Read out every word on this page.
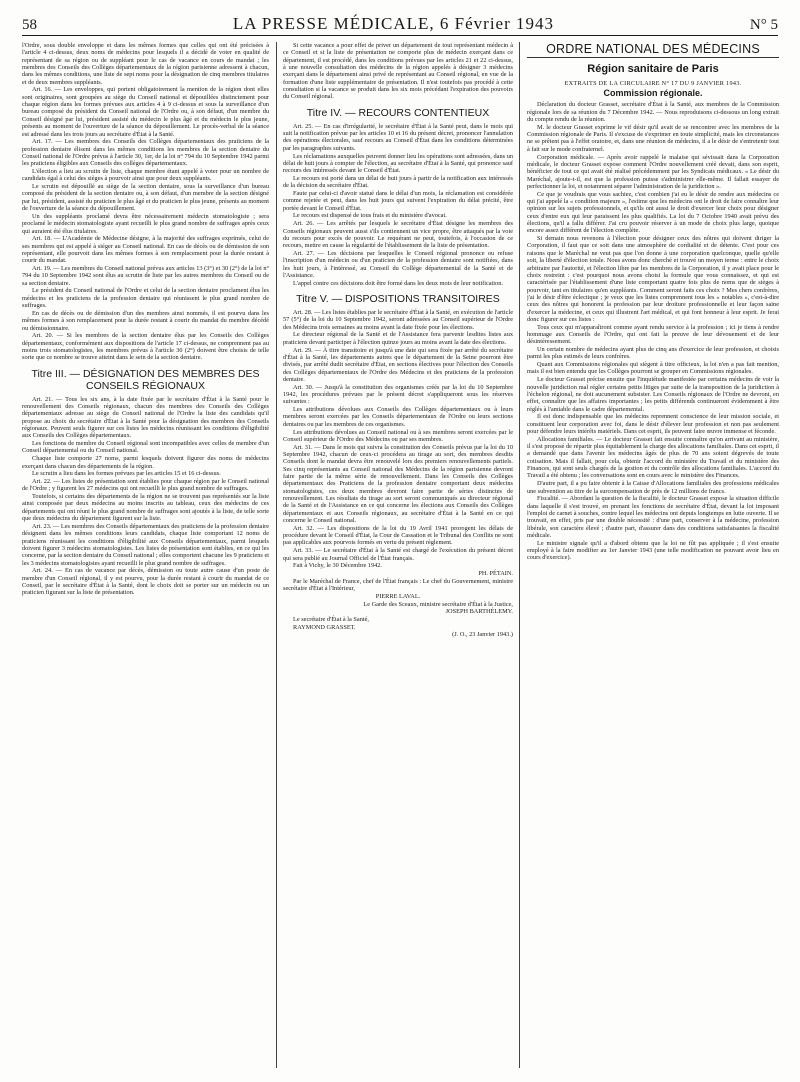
58	LA PRESSE MÉDICALE, 6 Février 1943	N° 5

l'Ordre, sous double enveloppe et dans les mêmes formes que celles qui ont été précisées à l'article 4 ci-dessus, deux noms de médecins pour lesquels il a décidé de voter en qualité de représentant de sa région ou de suppléant pour le cas de vacance en cours de mandat ; les membres des Conseils des Collèges départementaux de la région parisienne adressent à chacun, dans les mêmes conditions, une liste de sept noms pour la désignation de cinq membres titulaires et de deux membres suppléants.

Art. 16. — Les enveloppes, qui portent obligatoirement la mention de la région dont elles sont originaires, sont groupées au siège du Conseil national et dépouillées distinctement pour chaque région dans les formes prévues aux articles 4 à 9 ci-dessus et sous la surveillance d'un bureau composé du président du Conseil national de l'Ordre ou, à son défaut, d'un membre du Conseil désigné par lui, président assisté du médecin le plus âgé et du médecin le plus jeune, présents au moment de l'ouverture de la séance du dépouillement. Le procès-verbal de la séance est adressé dans les trois jours au secrétaire d'État à la Santé.

Art. 17. — Les membres des Conseils des Collèges départementaux des praticiens de la profession dentaire élisent dans les mêmes conditions les membres de la section dentaire du Conseil national de l'Ordre prévus à l'article 30, 1er, de la loi n° 794 du 10 Septembre 1942 parmi les praticiens éligibles aux Conseils des collèges départementaux.

L'élection a lieu au scrutin de liste, chaque membre étant appelé à voter pour un nombre de candidats égal à celui des sièges à pourvoir ainsi que pour deux suppléants.

Le scrutin est dépouillé au siège de la section dentaire, sous la surveillance d'un bureau composé du président de la section dentaire ou, à son défaut, d'un membre de la section désigné par lui, président, assisté du praticien le plus âgé et du praticien le plus jeune, présents au moment de l'ouverture de la séance du dépouillement.

Un des suppléants proclamé devra être nécessairement médecin stomatologiste ; sera proclamé le médecin stomatologiste ayant recueilli le plus grand nombre de suffrages après ceux qui auraient été élus titulaires.

Art. 18. — L'Académie de Médecine désigne, à la majorité des suffrages exprimés, celui de ses membres qui est appelé à siéger au Conseil national. En cas de décès ou de démission de son représentant, elle pourvoit dans les mêmes formes à son remplacement pour la durée restant à courir du mandat.

Art. 19. — Les membres du Conseil national prévus aux articles 13 (3°) et 30 (2°) de la loi n° 794 du 10 Septembre 1942 sont élus au scrutin de liste par les autres membres du Conseil ou de sa section dentaire.

Le président du Conseil national de l'Ordre et celui de la section dentaire proclament élus les médecins et les praticiens de la profession dentaire qui réunissent le plus grand nombre de suffrages.

En cas de décès ou de démission d'un des membres ainsi nommés, il est pourvu dans les mêmes formes à son remplacement pour la durée restant à courir du mandat du membre décédé ou démissionnaire.

Art. 20. — Si les membres de la section dentaire élus par les Conseils des Collèges départementaux, conformément aux dispositions de l'article 17 ci-dessus, ne comprennent pas au moins trois stomatologistes, les membres prévus à l'article 30 (2°) doivent être choisis de telle sorte que ce nombre se trouve atteint dans le sein de la section dentaire.

Titre III. — DÉSIGNATION DES MEMBRES DES CONSEILS RÉGIONAUX

Art. 21. — Tous les six ans, à la date fixée par le secrétaire d'État à la Santé pour le renouvellement des Conseils régionaux, chacun des membres des Conseils des Collèges départementaux adresse au siège du Conseil national de l'Ordre la liste des candidats qu'il propose au choix du secrétaire d'État à la Santé pour la désignation des membres des Conseils régionaux. Peuvent seuls figurer sur ces listes les médecins réunissant les conditions d'éligibilité aux Conseils des Collèges départementaux.

Les fonctions de membre du Conseil régional sont incompatibles avec celles de membre d'un Conseil départemental ou du Conseil national.

Chaque liste comporte 27 noms, parmi lesquels doivent figurer des noms de médecins exerçant dans chacun des départements de la région.

Le scrutin a lieu dans les formes prévues par les articles 15 et 16 ci-dessus.

Art. 22. — Les listes de présentation sont établies pour chaque région par le Conseil national de l'Ordre ; y figurent les 27 médecins qui ont recueilli le plus grand nombre de suffrages.

Toutefois, si certains des départements de la région ne se trouvent pas représentés sur la liste ainsi composée par deux médecins au moins inscrits au tableau, ceux des médecins de ces départements qui ont réuni le plus grand nombre de suffrages sont ajoutés à la liste, de telle sorte que deux médecins du département figurent sur la liste.

Art. 23. — Les membres des Conseils départementaux des praticiens de la profession dentaire désignent dans les mêmes conditions leurs candidats, chaque liste comportant 12 noms de praticiens réunissant les conditions d'éligibilité aux Conseils départementaux, parmi lesquels doivent figurer 3 médecins stomatologistes. Les listes de présentation sont établies, en ce qui les concerne, par la section dentaire du Conseil national ; elles comportent chacune les 9 praticiens et les 3 médecins stomatologistes ayant recueilli le plus grand nombre de suffrages.

Art. 24. — En cas de vacance par décès, démission ou toute autre cause d'un poste de membre d'un Conseil régional, il y est pourvu, pour la durée restant à courir du mandat de ce Conseil, par le secrétaire d'État à la Santé, dont le choix doit se porter sur un médecin ou un praticien figurant sur la liste de présentation.

Si cette vacance a pour effet de priver un département de tout représentant médecin à ce Conseil et si la liste de présentation ne comporte plus de médecin exerçant dans ce département, il est procédé, dans les conditions prévues par les articles 21 et 22 ci-dessus, à une nouvelle consultation des médecins de la région appelés à désigner 3 médecins exerçant dans le département ainsi privé de représentant au Conseil régional, en vue de la formation d'une liste supplémentaire de présentation. Il n'est toutefois pas procédé à cette consultation si la vacance se produit dans les six mois précédant l'expiration des pouvoirs du Conseil régional.

Titre IV. — RECOURS CONTENTIEUX

Art. 25. — En cas d'irrégularité, le secrétaire d'État à la Santé peut, dans le mois qui suit la notification prévue par les articles 10 et 16 du présent décret, prononcer l'annulation des opérations électorales, sauf recours au Conseil d'État dans les conditions déterminées par les paragraphes suivants.

Les réclamations auxquelles peuvent donner lieu les opérations sont adressées, dans un délai de huit jours à compter de l'élection, au secrétaire d'État à la Santé, qui prononce sauf recours des intéressés devant le Conseil d'État.

Le recours est porté dans un délai de huit jours à partir de la notification aux intéressés de la décision du secrétaire d'État.

Faute par celui-ci d'avoir statué dans le délai d'un mois, la réclamation est considérée comme rejetée et peut, dans les huit jours qui suivent l'expiration du délai précité, être portée devant le Conseil d'État.

Le recours est dispensé de tous frais et du ministère d'avocat.

Art. 26. — Les arrêtés par lesquels le secrétaire d'État désigne les membres des Conseils régionaux peuvent aussi s'ils contiennent un vice propre, être attaqués par la voie du recours pour excès de pouvoir. Le requérant ne peut, toutefois, à l'occasion de ce recours, mettre en cause la régularité de l'établissement de la liste de présentation.

Art. 27. — Les décisions par lesquelles le Conseil régional prononce ou refuse l'inscription d'un médecin ou d'un praticien de la profession dentaire sont notifiées, dans les huit jours, à l'intéressé, au Conseil du Collège départemental de la Santé et de l'Assistance.

L'appel contre ces décisions doit être formé dans les deux mois de leur notification.

Titre V. — DISPOSITIONS TRANSITOIRES

Art. 28. — Les listes établies par le secrétaire d'État à la Santé, en exécution de l'article 57 (5°) de la loi du 10 Septembre 1942, seront adressées au Conseil supérieur de l'Ordre des Médecins trois semaines au moins avant la date fixée pour les élections.

Le directeur régional de la Santé et de l'Assistance fera parvenir lesdites listes aux praticiens devant participer à l'élection quinze jours au moins avant la date des élections.

Art. 29. — À titre transitoire et jusqu'à une date qui sera fixée par arrêté du secrétaire d'État à la Santé, les départements autres que le département de la Seine pourront être divisés, par arrêté dudit secrétaire d'État, en sections électives pour l'élection des Conseils des Collèges départementaux de l'Ordre des Médecins et des praticiens de la profession dentaire.

Art. 30. — Jusqu'à la constitution des organismes créés par la loi du 10 Septembre 1942, les procédures prévues par le présent décret s'appliqueront sous les réserves suivantes :

Les attributions dévolues aux Conseils des Collèges départementaux ou à leurs membres seront exercées par les Conseils départementaux de l'Ordre ou leurs sections dentaires ou par les membres de ces organismes.

Les attributions dévolues au Conseil national ou à ses membres seront exercées par le Conseil supérieur de l'Ordre des Médecins ou par ses membres.

Art. 31. — Dans le mois qui suivra la constitution des Conseils prévus par la loi du 10 Septembre 1942, chacun de ceux-ci procédera au tirage au sort, des membres desdits Conseils dont le mandat devra être renouvelé lors des premiers renouvellements partiels. Ses cinq représentants au Conseil national des Médecins de la région parisienne devront faire partie de la même série de renouvellement. Dans les Conseils des Collèges départementaux des Praticiens de la profession dentaire comportant deux médecins stomatologistes, ces deux membres devront faire partie de séries distinctes de renouvellement. Les résultats du tirage au sort seront communiqués au directeur régional de la Santé et de l'Assistance en ce qui concerne les élections aux Conseils des Collèges départementaux et aux Conseils régionaux, au secrétaire d'État à la Santé en ce qui concerne le Conseil national.

Art. 32. — Les dispositions de la loi du 19 Avril 1941 prorogent les délais de procédure devant le Conseil d'État, la Cour de Cassation et le Tribunal des Conflits ne sont pas applicables aux pourvois formés en vertu du présent règlement.

Art. 33. — Le secrétaire d'État à la Santé est chargé de l'exécution du présent décret qui sera publié au Journal Officiel de l'État français.

Fait à Vichy, le 30 Décembre 1942.

PH. PÉTAIN.

Par le Maréchal de France, chef de l'État français : Le chef du Gouvernement, ministre secrétaire d'État à l'Intérieur,

PIERRE LAVAL.

Le Garde des Sceaux, ministre secrétaire d'État à la Justice,

JOSEPH BARTHÉLEMY.

Le secrétaire d'État à la Santé,

RAYMOND GRASSET.

(J. O., 23 Janvier 1943.)

ORDRE NATIONAL DES MÉDECINS
Région sanitaire de Paris
EXTRAITS DE LA CIRCULAIRE N° 17 DU 9 JANVIER 1943.
Commission régionale.

Déclaration du docteur Grasset, secrétaire d'État à la Santé, aux membres de la Commission régionale lors de sa réunion du 7 Décembre 1942. — Nous reproduisons ci-dessous un long extrait du compte rendu de la réunion.

M. le docteur Grasset exprime le vif désir qu'il avait de se rencontrer avec les membres de la Commission régionale de Paris. Il s'excuse de s'exprimer en toute simplicité, mais les circonstances ne se prêtent pas à l'effet oratoire, et, dans une réunion de médecins, il a le désir de s'entretenir tout à fait sur le mode confraternel.

Corporation médicale. — Après avoir rappelé le malaise qui sévissait dans la Corporation médicale, le docteur Grasset expose comment l'Ordre nouvellement créé devait, dans son esprit, bénéficier de tout ce qui avait été réalisé précédemment par les Syndicats médicaux. « Le désir du Maréchal, ajoute-t-il, est que la profession puisse s'administrer elle-même. Il fallait essayer de perfectionner la loi, et notamment séparer l'administration de la juridiction ».

Ce que je voudrais que vous sachiez, c'est combien j'ai eu le désir de rendre aux médecins ce qui j'ai appelé la « condition majeure », l'estime que les médecins ont le droit de faire connaître leur opinion sur les sujets professionnels, et qu'ils ont aussi le droit d'exercer leur choix pour désigner ceux d'entre eux qui leur paraissent les plus qualifiés. La loi du 7 Octobre 1940 avait prévu des élections, qu'il a fallu différer. J'ai cru pouvoir réserver à un mode de choix plus large, quoique encore assez différent de l'élection complète.

Si demain nous revenons à l'élection pour désigner ceux des nôtres qui doivent diriger la Corporation, il faut que ce soit dans une atmosphère de cordialité et de détente. C'est pour ces raisons que le Maréchal ne veut pas que l'on donne à une corporation quelconque, quelle qu'elle soit, la liberté d'élection totale. Nous avons donc cherché et trouvé un moyen terme : entre le choix arbitraire par l'autorité, et l'élection libre par les membres de la Corporation, il y avait place pour le choix restreint : c'est pourquoi nous avons choisi la formule que vous connaissez, et qui est caractérisée par l'établissement d'une liste comportant quatre fois plus de noms que de sièges à pourvoir, tant en titulaires qu'en suppléants. Comment seront faits ces choix ? Mes chers confrères, j'ai le désir d'être éclectique ; je veux que les listes comprennent tous les « notables », c'est-à-dire ceux des nôtres qui honorent la profession par leur droiture professionnelle et leur façon saine d'exercer la médecine, et ceux qui illustrent l'art médical, et qui font honneur à leur esprit. Je ferai donc figurer sur ces listes :

Tous ceux qui m'apparaîtront comme ayant rendu service à la profession ; ici je tiens à rendre hommage aux Conseils de l'Ordre, qui ont fait la preuve de leur dévouement et de leur désintéressement.

Un certain nombre de médecins ayant plus de cinq ans d'exercice de leur profession, et choisis parmi les plus estimés de leurs confrères.

Quant aux Commissions régionales qui siègent à titre officieux, la loi n'en a pas fait mention, mais il est bien entendu que les Collèges pourront se grouper en Commissions régionales.

Le docteur Grasset précise ensuite que l'inquiétude manifestée par certains médecins de voir la nouvelle juridiction mal régler certains petits litiges par suite de la transposition de la juridiction à l'échelon régional, ne doit aucunement subsister. Les Conseils régionaux de l'Ordre ne devront, en effet, connaître que les affaires importantes ; les petits différends continueront évidemment à être réglés à l'amiable dans le cadre départemental.

Il est donc indispensable que les médecins reprennent conscience de leur mission sociale, et constituent leur corporation avec foi, dans le désir d'élever leur profession et non pas seulement pour défendre leurs intérêts matériels. Dans cet esprit, ils peuvent faire œuvre immense et féconde.

Allocations familiales. — Le docteur Grasset fait ensuite connaître qu'on arrivant au ministère, il s'est proposé de répartir plus équitablement la charge des allocations familiales. Dans cet esprit, il a demandé que dans l'avenir les médecins âgés de plus de 70 ans soient dégrevés de toute cotisation. Mais il fallait, pour cela, obtenir l'accord du ministère du Travail et du ministère des Finances, qui sont seuls chargés de la gestion et du contrôle des allocations familiales. L'accord du Travail a été obtenu ; les conversations sont en cours avec le ministère des Finances.

D'autre part, il a pu faire obtenir à la Caisse d'Allocations familiales des professions médicales une subvention au titre de la surcompensation de près de 12 millions de francs.

Fiscalité. — Abordant la question de la fiscalité, le docteur Grasset expose la situation difficile dans laquelle il s'est trouvé, en prenant les fonctions de secrétaire d'État, devant la loi imposant l'emploi de carnet à souches, contre lequel les médecins ont depuis longtemps en lutte ouverte. Il se trouvait, en effet, pris par une double nécessité : d'une part, conserver à la médecine, profession libérale, son caractère élevé ; d'autre part, d'assurer dans des conditions satisfaisantes la fiscalité médicale.

Le ministre signale qu'il a d'abord obtenu que la loi ne fût pas appliquée ; il s'est ensuite employé à la faire modifier au 1er Janvier 1943 (une telle modification ne pouvant avoir lieu en cours d'exercice).
